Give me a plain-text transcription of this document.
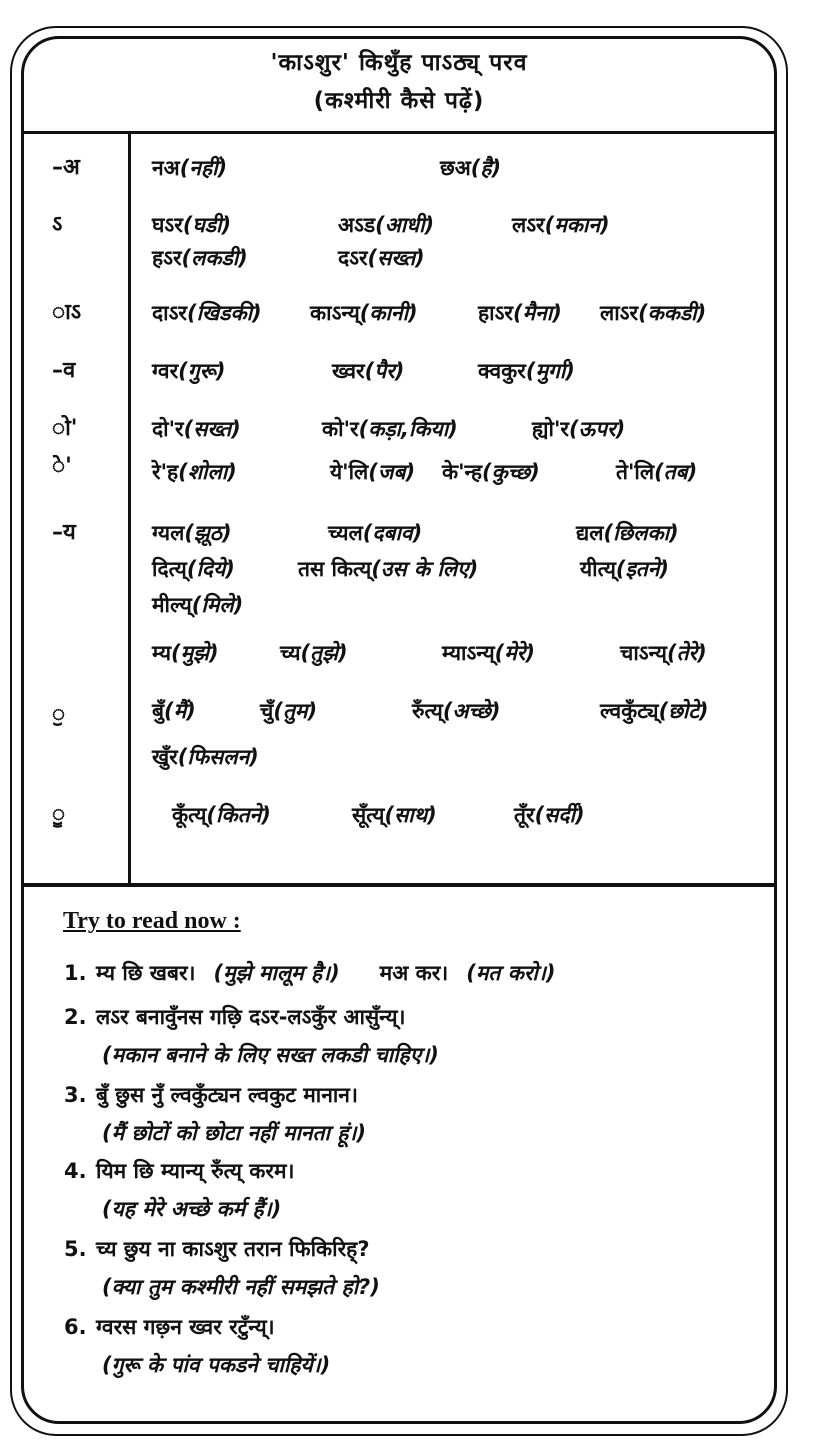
'काऽशुर' किथुँह पाऽठ्य् परव

(कश्मीरी कैसे पढ़ें)

–अ	नअ(नहीं)	छअ(है)
ऽ	घऽर(घडी)	अऽड(आधी)	लऽर(मकान)
हऽर(लकडी)	दऽर(सख्त)
ाऽ	दाऽर(खिडकी) काऽन्य्(कानी)	हाऽर(मैना) लाऽर(ककडी)
–व	ग्वर(गुरू)	ख्वर(पैर)	क्वकुर(मुर्गा)
ो'	दो'र(सख्त)	को'र(कड़ा,किया)	ह्यो'र(ऊपर)
े'	रे'ह(शोला)	ये'लि(जब) के'न्ह(कुच्छ)	ते'लि(तब)
–य	ग्यल(झूठ)	च्यल(दबाव)	द्यल(छिलका)
दित्य्(दिये)	तस कित्य्(उस के लिए)	यीत्य्(इतने)
मील्य्(मिले)
म्य(मुझे)	च्य(तुझे)	म्याऽन्य्(मेरे)	चाऽन्य्(तेरे)
ॖ	बुँ(मैं)	चुँ(तुम)	रुँत्य्(अच्छे)	ल्वकुँट्य्(छोटे)
खुँर(फिसलन)
ॗ	कूँत्य्(कितने)	सूँत्य्(साथ)	तूँर(सर्दी)

Try to read now :

1. म्य छि खबर। (मुझे मालूम है।) मअ कर। (मत करो।)
2. लऽर बनावुँनस गछ़ि दऽर-लऽकुँर आसुँन्य्।
(मकान बनाने के लिए सख्त लकडी चाहिए।)
3. बुँ छुस नुँ ल्वकुँट्यन ल्वकुट मानान।
(मैं छोटों को छोटा नहीं मानता हूं।)
4. यिम छि म्यान्य् रुँत्य् करम।
(यह मेरे अच्छे कर्म हैं।)
5. च्य छुय ना काऽशुर तरान फिकिरिह्?
(क्या तुम कश्मीरी नहीं समझते हो?)
6. ग्वरस गछ़न ख्वर रटुँन्य्।
(गुरू के पांव पकडने चाहियें।)
